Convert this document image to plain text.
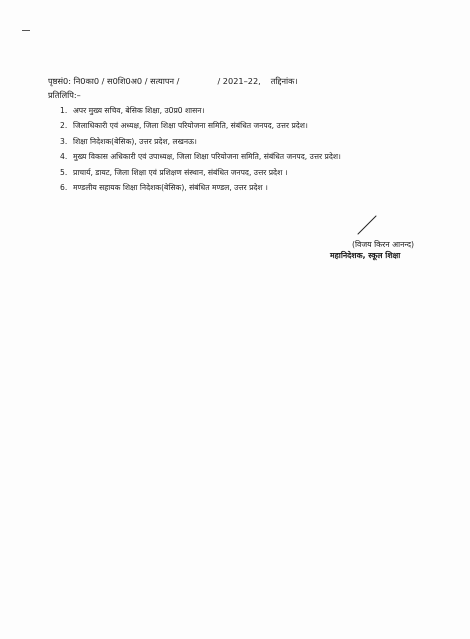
पृष्ठसं0: नि0का0 / स0शि0अ0 / सत्यापन /	/ 2021–22, तद्दिनांक।
प्रतिलिपि:–
1. अपर मुख्य सचिव, बेसिक शिक्षा, उ0प्र0 शासन।
2. जिलाधिकारी एवं अध्यक्ष, जिला शिक्षा परियोजना समिति, संबंधित जनपद, उत्तर प्रदेश।
3. शिक्षा निदेशक(बेसिक), उत्तर प्रदेश, लखनऊ।
4. मुख्य विकास अधिकारी एवं उपाध्यक्ष, जिला शिक्षा परियोजना समिति, संबंधित जनपद, उत्तर प्रदेश।
5. प्राचार्य, डायट, जिला शिक्षा एवं प्रशिक्षण संस्थान, संबंधित जनपद, उत्तर प्रदेश ।
6. मण्डलीय सहायक शिक्षा निदेशक(बेसिक), संबंधित मण्डल, उत्तर प्रदेश ।
(विजय किरन आनन्द)
महानिदेशक, स्कूल शिक्षा
